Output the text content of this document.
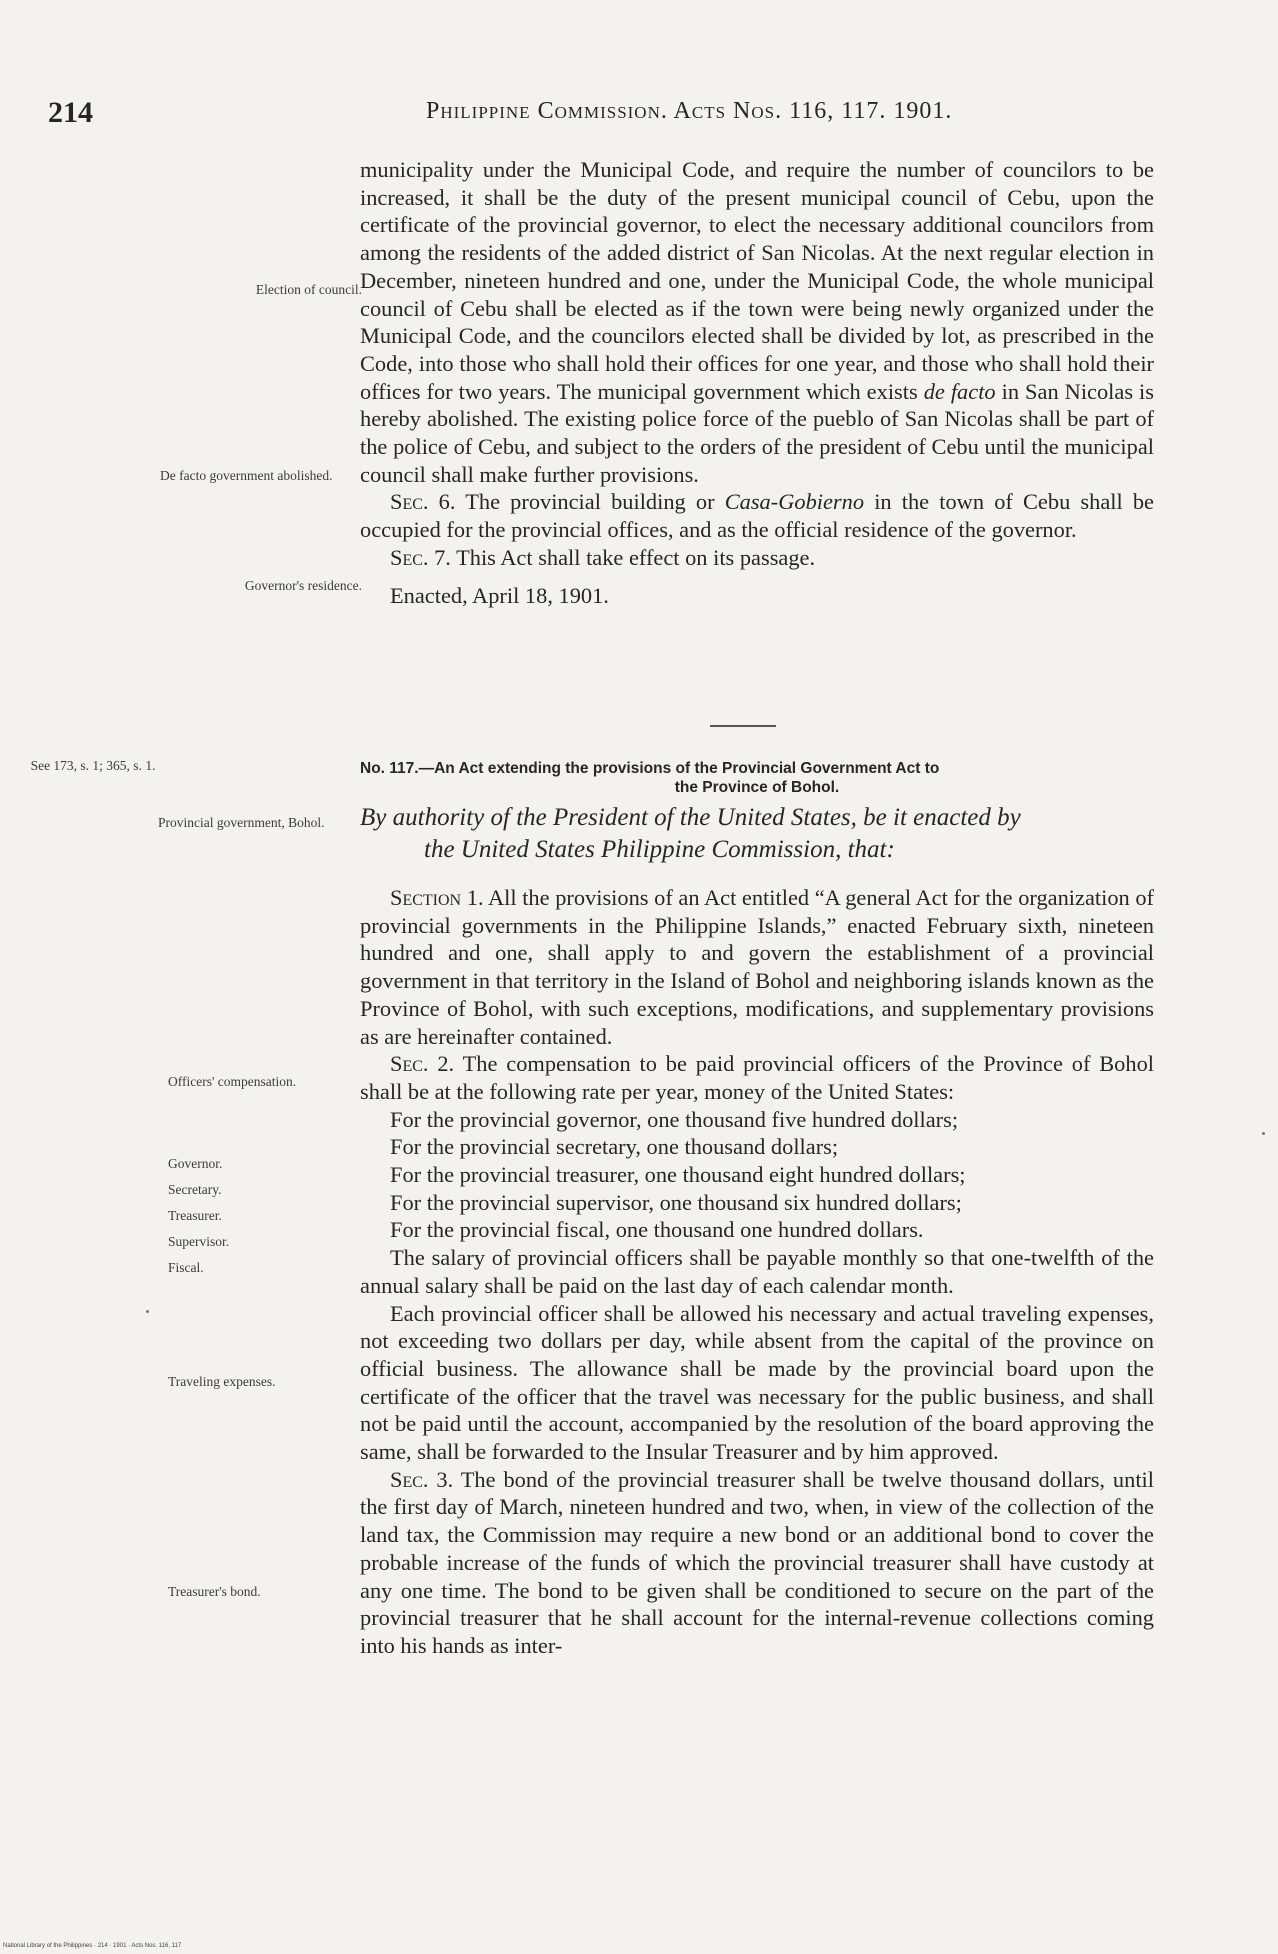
214	Philippine Commission. Acts Nos. 116, 117. 1901.
Election of council.
De facto government abolished.
Governor's residence.
See 173, s. 1; 365, s. 1.
Provincial government, Bohol.
Officers' compensation.
Governor.
Secretary.
Treasurer.
Supervisor.
Fiscal.
Traveling expenses.
Treasurer's bond.

municipality under the Municipal Code, and require the number of councilors to be increased, it shall be the duty of the present municipal council of Cebu, upon the certificate of the provincial governor, to elect the necessary additional councilors from among the residents of the added district of San Nicolas. At the next regular election in December, nineteen hundred and one, under the Municipal Code, the whole municipal council of Cebu shall be elected as if the town were being newly organized under the Municipal Code, and the councilors elected shall be divided by lot, as prescribed in the Code, into those who shall hold their offices for one year, and those who shall hold their offices for two years. The municipal government which exists de facto in San Nicolas is hereby abolished. The existing police force of the pueblo of San Nicolas shall be part of the police of Cebu, and subject to the orders of the president of Cebu until the municipal council shall make further provisions.

Sec. 6. The provincial building or Casa-Gobierno in the town of Cebu shall be occupied for the provincial offices, and as the official residence of the governor.

Sec. 7. This Act shall take effect on its passage.

Enacted, April 18, 1901.

No. 117.—An Act extending the provisions of the Provincial Government Act to
the Province of Bohol.
By authority of the President of the United States, be it enacted by
the United States Philippine Commission, that:

Section 1. All the provisions of an Act entitled “A general Act for the organization of provincial governments in the Philippine Islands,” enacted February sixth, nineteen hundred and one, shall apply to and govern the establishment of a provincial government in that territory in the Island of Bohol and neighboring islands known as the Province of Bohol, with such exceptions, modifications, and supplementary provisions as are hereinafter contained.

Sec. 2. The compensation to be paid provincial officers of the Province of Bohol shall be at the following rate per year, money of the United States:

For the provincial governor, one thousand five hundred dollars;

For the provincial secretary, one thousand dollars;

For the provincial treasurer, one thousand eight hundred dollars;

For the provincial supervisor, one thousand six hundred dollars;

For the provincial fiscal, one thousand one hundred dollars.

The salary of provincial officers shall be payable monthly so that one-twelfth of the annual salary shall be paid on the last day of each calendar month.

Each provincial officer shall be allowed his necessary and actual traveling expenses, not exceeding two dollars per day, while absent from the capital of the province on official business. The allowance shall be made by the provincial board upon the certificate of the officer that the travel was necessary for the public business, and shall not be paid until the account, accompanied by the resolution of the board approving the same, shall be forwarded to the Insular Treasurer and by him approved.

Sec. 3. The bond of the provincial treasurer shall be twelve thousand dollars, until the first day of March, nineteen hundred and two, when, in view of the collection of the land tax, the Commission may require a new bond or an additional bond to cover the probable increase of the funds of which the provincial treasurer shall have custody at any one time. The bond to be given shall be conditioned to secure on the part of the provincial treasurer that he shall account for the internal-revenue collections coming into his hands as inter-

National Library of the Philippines · 214 · 1901 · Acts Nos. 116, 117
